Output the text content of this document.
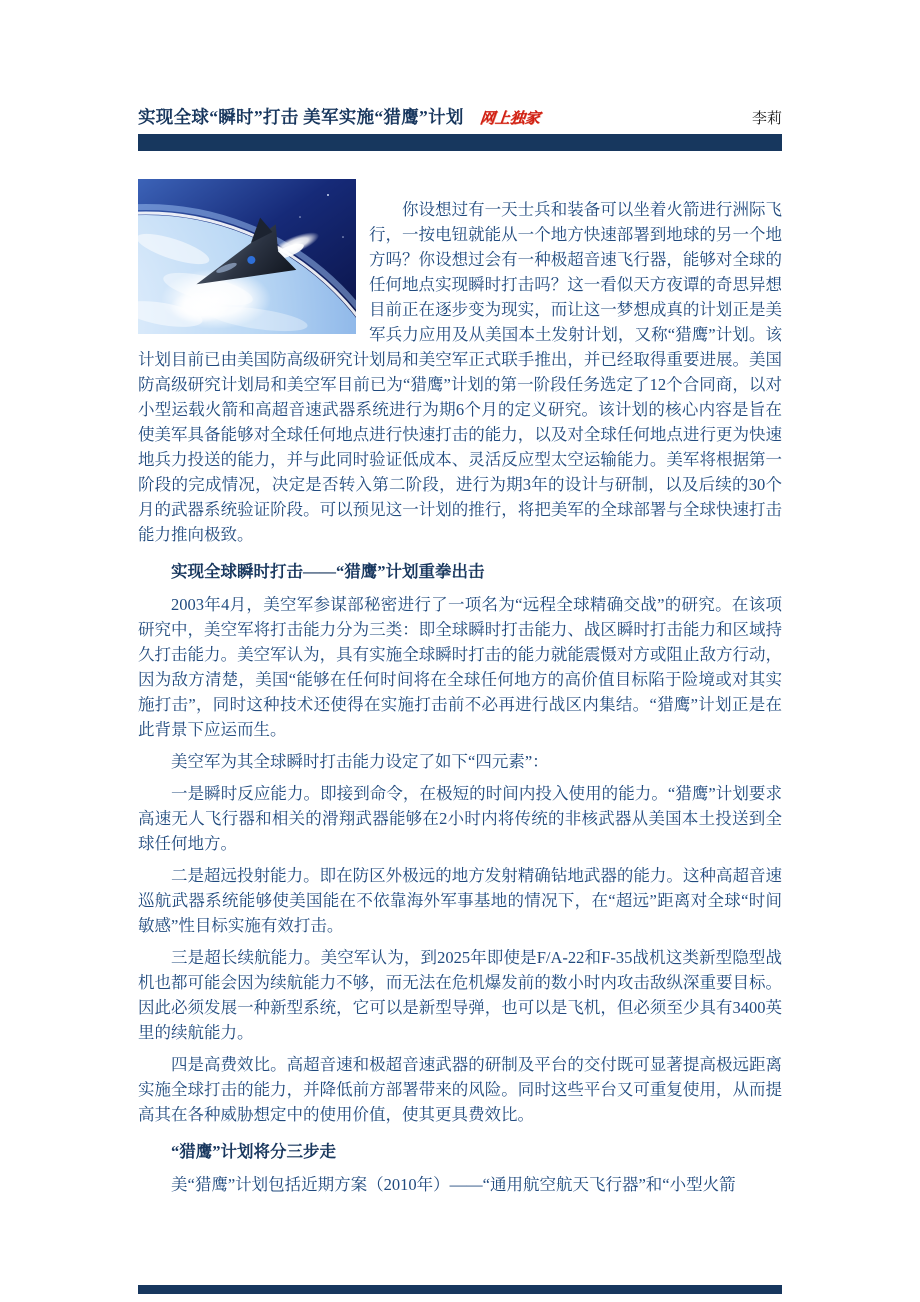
实现全球“瞬时”打击 美军实施“猎鹰”计划 网上独家	李莉

你设想过有一天士兵和装备可以坐着火箭进行洲际飞行，一按电钮就能从一个地方快速部署到地球的另一个地方吗？你设想过会有一种极超音速飞行器，能够对全球的任何地点实现瞬时打击吗？这一看似天方夜谭的奇思异想目前正在逐步变为现实，而让这一梦想成真的计划正是美军兵力应用及从美国本土发射计划，又称“猎鹰”计划。该计划目前已由美国防高级研究计划局和美空军正式联手推出，并已经取得重要进展。美国防高级研究计划局和美空军目前已为“猎鹰”计划的第一阶段任务选定了12个合同商，以对小型运载火箭和高超音速武器系统进行为期6个月的定义研究。该计划的核心内容是旨在使美军具备能够对全球任何地点进行快速打击的能力，以及对全球任何地点进行更为快速地兵力投送的能力，并与此同时验证低成本、灵活反应型太空运输能力。美军将根据第一阶段的完成情况，决定是否转入第二阶段，进行为期3年的设计与研制，以及后续的30个月的武器系统验证阶段。可以预见这一计划的推行，将把美军的全球部署与全球快速打击能力推向极致。

实现全球瞬时打击——“猎鹰”计划重拳出击

2003年4月，美空军参谋部秘密进行了一项名为“远程全球精确交战”的研究。在该项研究中，美空军将打击能力分为三类：即全球瞬时打击能力、战区瞬时打击能力和区域持久打击能力。美空军认为，具有实施全球瞬时打击的能力就能震慑对方或阻止敌方行动，因为敌方清楚，美国“能够在任何时间将在全球任何地方的高价值目标陷于险境或对其实施打击”，同时这种技术还使得在实施打击前不必再进行战区内集结。“猎鹰”计划正是在此背景下应运而生。

美空军为其全球瞬时打击能力设定了如下“四元素”：

一是瞬时反应能力。即接到命令，在极短的时间内投入使用的能力。“猎鹰”计划要求高速无人飞行器和相关的滑翔武器能够在2小时内将传统的非核武器从美国本土投送到全球任何地方。

二是超远投射能力。即在防区外极远的地方发射精确钻地武器的能力。这种高超音速巡航武器系统能够使美国能在不依靠海外军事基地的情况下，在“超远”距离对全球“时间敏感”性目标实施有效打击。

三是超长续航能力。美空军认为，到2025年即使是F/A-22和F-35战机这类新型隐型战机也都可能会因为续航能力不够，而无法在危机爆发前的数小时内攻击敌纵深重要目标。因此必须发展一种新型系统，它可以是新型导弹，也可以是飞机，但必须至少具有3400英里的续航能力。

四是高费效比。高超音速和极超音速武器的研制及平台的交付既可显著提高极远距离实施全球打击的能力，并降低前方部署带来的风险。同时这些平台又可重复使用，从而提高其在各种威胁想定中的使用价值，使其更具费效比。

“猎鹰”计划将分三步走

美“猎鹰”计划包括近期方案（2010年）——“通用航空航天飞行器”和“小型火箭
